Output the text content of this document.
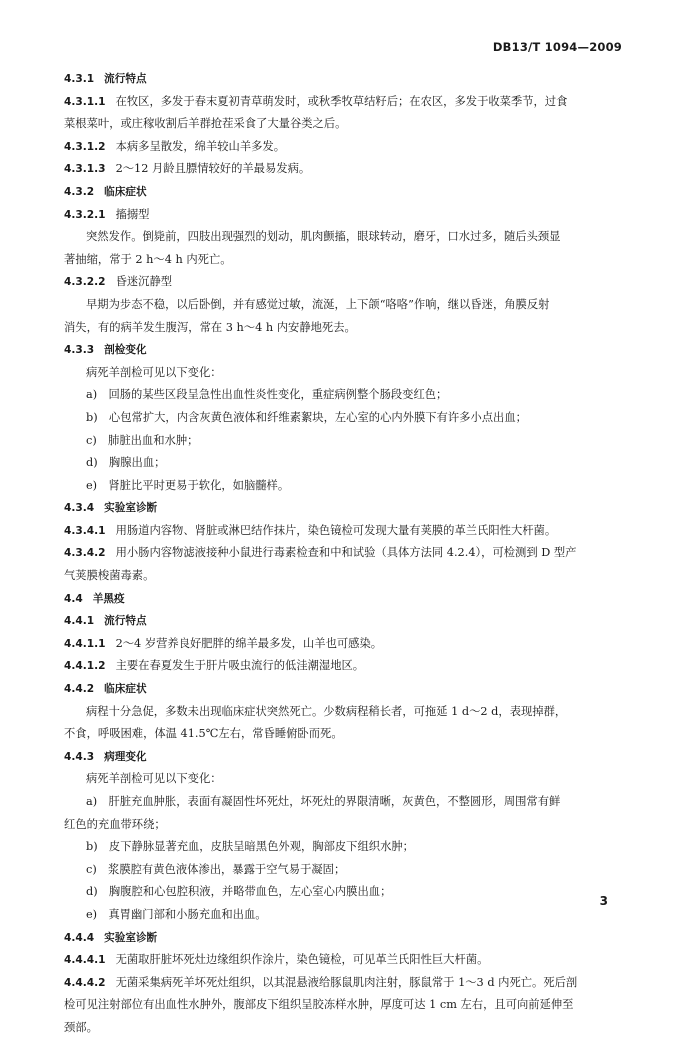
DB13/T 1094—2009
4.3.1 流行特点
4.3.1.1 在牧区，多发于春末夏初青草萌发时，或秋季牧草结籽后；在农区，多发于收菜季节，过食
菜根菜叶，或庄稼收割后羊群抢茬采食了大量谷类之后。
4.3.1.2 本病多呈散发，绵羊较山羊多发。
4.3.1.3 2～12 月龄且膘情较好的羊最易发病。
4.3.2 临床症状
4.3.2.1 搐搦型
突然发作。倒毙前，四肢出现强烈的划动，肌肉颤搐，眼球转动，磨牙，口水过多，随后头颈显
著抽缩，常于 2 h～4 h 内死亡。
4.3.2.2 昏迷沉静型
早期为步态不稳，以后卧倒，并有感觉过敏，流涎，上下颌“咯咯”作响，继以昏迷，角膜反射
消失，有的病羊发生腹泻，常在 3 h～4 h 内安静地死去。
4.3.3 剖检变化
病死羊剖检可见以下变化：
a)　回肠的某些区段呈急性出血性炎性变化，重症病例整个肠段变红色；
b)　心包常扩大，内含灰黄色液体和纤维素絮块，左心室的心内外膜下有许多小点出血；
c)　肺脏出血和水肿；
d)　胸腺出血；
e)　肾脏比平时更易于软化，如脑髓样。
4.3.4 实验室诊断
4.3.4.1 用肠道内容物、肾脏或淋巴结作抹片，染色镜检可发现大量有荚膜的革兰氏阳性大杆菌。
4.3.4.2 用小肠内容物滤液接种小鼠进行毒素检查和中和试验（具体方法同 4.2.4），可检测到 D 型产
气荚膜梭菌毒素。
4.4 羊黑疫
4.4.1 流行特点
4.4.1.1 2～4 岁营养良好肥胖的绵羊最多发，山羊也可感染。
4.4.1.2 主要在春夏发生于肝片吸虫流行的低洼潮湿地区。
4.4.2 临床症状
病程十分急促，多数未出现临床症状突然死亡。少数病程稍长者，可拖延 1 d～2 d，表现掉群，
不食，呼吸困难，体温 41.5℃左右，常昏睡俯卧而死。
4.4.3 病理变化
病死羊剖检可见以下变化：
a)　肝脏充血肿胀，表面有凝固性坏死灶，坏死灶的界限清晰，灰黄色，不整圆形，周围常有鲜
红色的充血带环绕；
b)　皮下静脉显著充血，皮肤呈暗黑色外观，胸部皮下组织水肿；
c)　浆膜腔有黄色液体渗出，暴露于空气易于凝固；
d)　胸腹腔和心包腔积液，并略带血色，左心室心内膜出血；
e)　真胃幽门部和小肠充血和出血。
4.4.4 实验室诊断
4.4.4.1 无菌取肝脏坏死灶边缘组织作涂片，染色镜检，可见革兰氏阳性巨大杆菌。
4.4.4.2 无菌采集病死羊坏死灶组织，以其混悬液给豚鼠肌肉注射，豚鼠常于 1～3 d 内死亡。死后剖
检可见注射部位有出血性水肿外，腹部皮下组织呈胶冻样水肿，厚度可达 1 cm 左右，且可向前延伸至
颈部。
3
